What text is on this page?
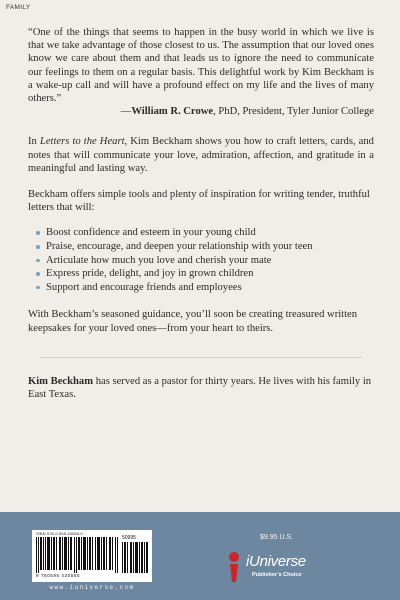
FAMILY

“One of the things that seems to happen in the busy world in which we live is that we take advantage of those closest to us. The assumption that our loved ones know we care about them and that leads us to ignore the need to communicate our feelings to them on a regular basis. This delightful work by Kim Beckham is a wake-up call and will have a profound effect on my life and the lives of many others.”

—William R. Crowe, PhD, President, Tyler Junior College

In Letters to the Heart, Kim Beckham shows you how to craft letters, cards, and notes that will communicate your love, admiration, affection, and gratitude in a meaningful and lasting way.

Beckham offers simple tools and plenty of inspiration for writing tender, truthful letters that will:

Boost confidence and esteem in your young child
Praise, encourage, and deepen your relationship with your teen
Articulate how much you love and cherish your mate
Express pride, delight, and joy in grown children
Support and encourage friends and employees

With Beckham’s seasoned guidance, you’ll soon be creating treasured written keepsakes for your loved ones—from your heart to theirs.

Kim Beckham has served as a pastor for thirty years. He lives with his family in East Texas.

ISBN 978-0-595-43055-0
50995
9 780595 430550
www.iuniverse.com
$9.95 U.S.
iUniverse
Publisher’s Choice
